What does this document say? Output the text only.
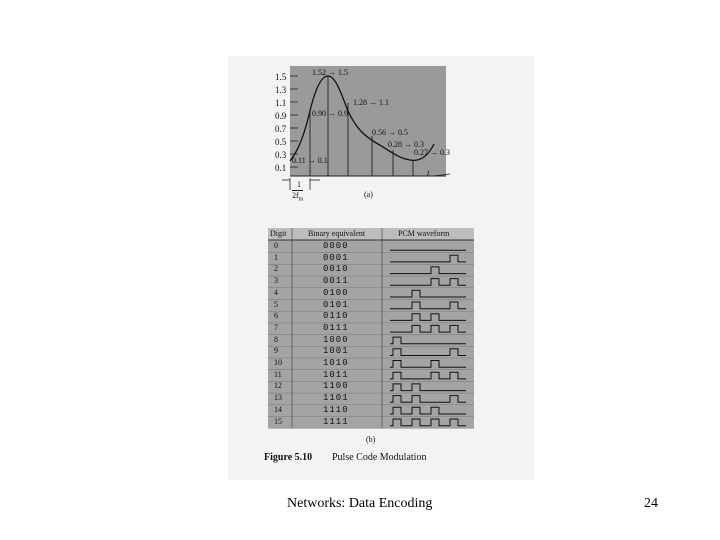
1.5
1.3
1.1
0.9
0.7
0.5
0.3
0.1
1.52 → 1.5
1.28 → 1.1
0.90 → 0.9
0.56 → 0.5
0.28 → 0.3
0.27 → 0.3
0.11 → 0.1
1
$2f_m$
t
(a)
Digit	Binary equivalent	PCM waveform
0	0000
1	0001
2	0010
3	0011
4	0100
5	0101
6	0110
7	0111
8	1000
9	1001
10	1010
11	1011
12	1100
13	1101
14	1110
15	1111
(b)
Figure 5.10 Pulse Code Modulation
Networks: Data Encoding	24
